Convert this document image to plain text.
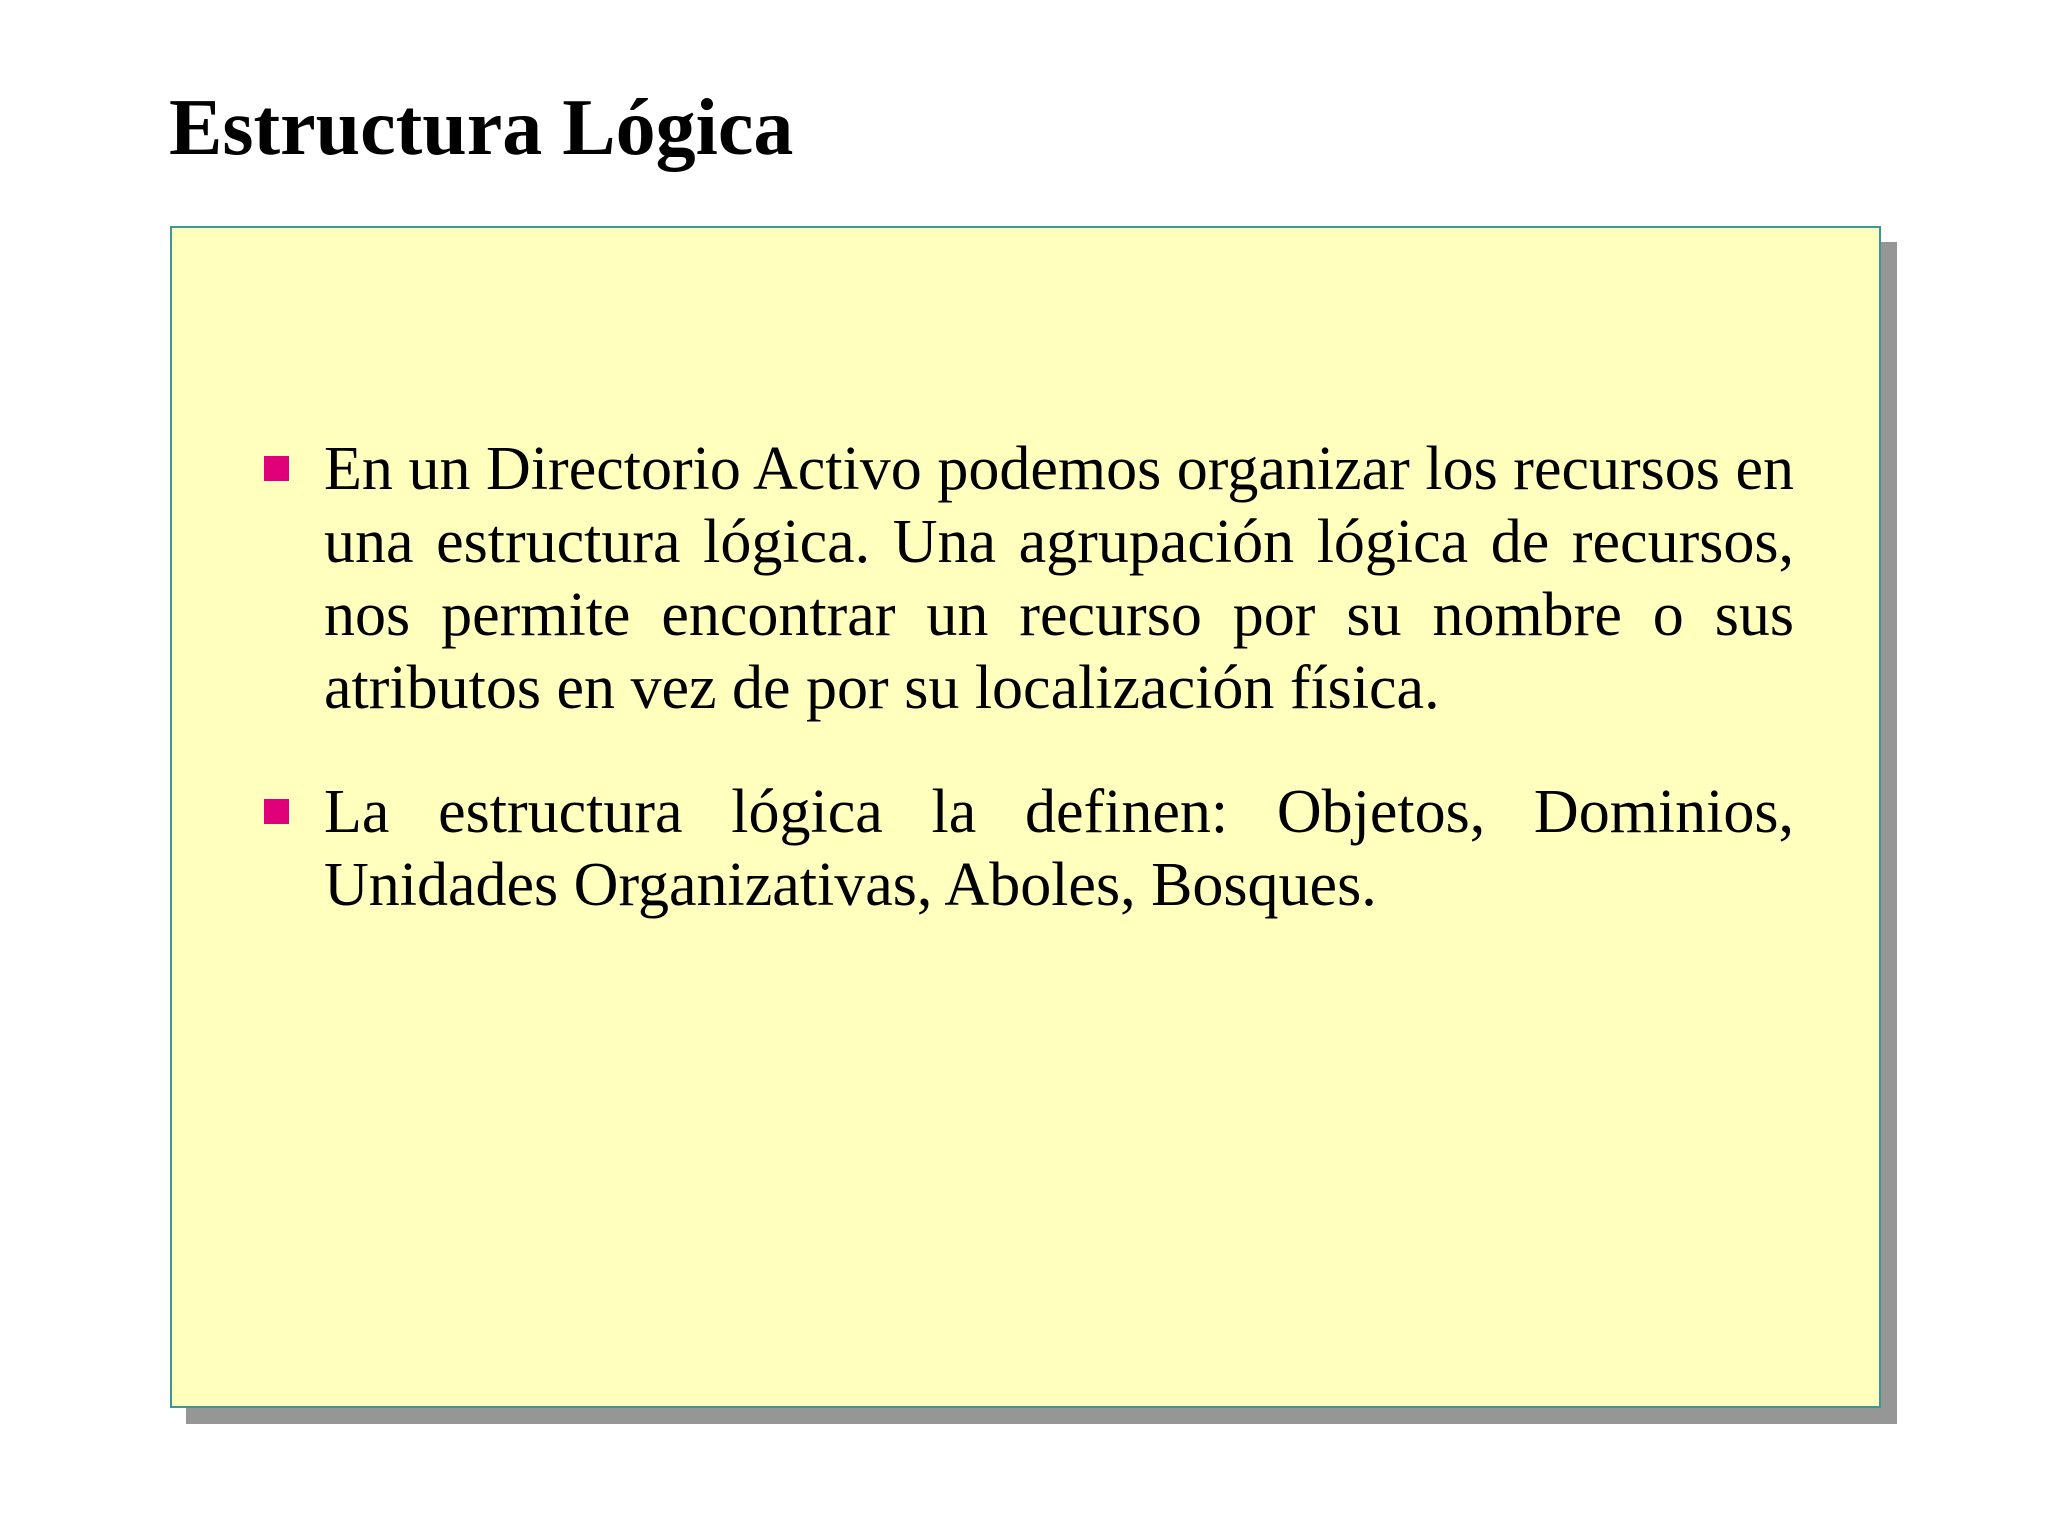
Estructura Lógica
En un Directorio Activo podemos organizar los recursos en una estructura lógica. Una agrupación lógica de recursos, nos permite encontrar un recurso por su nombre o sus atributos en vez de por su localización física.
La estructura lógica la definen: Objetos, Dominios, Unidades Organizativas, Aboles, Bosques.
